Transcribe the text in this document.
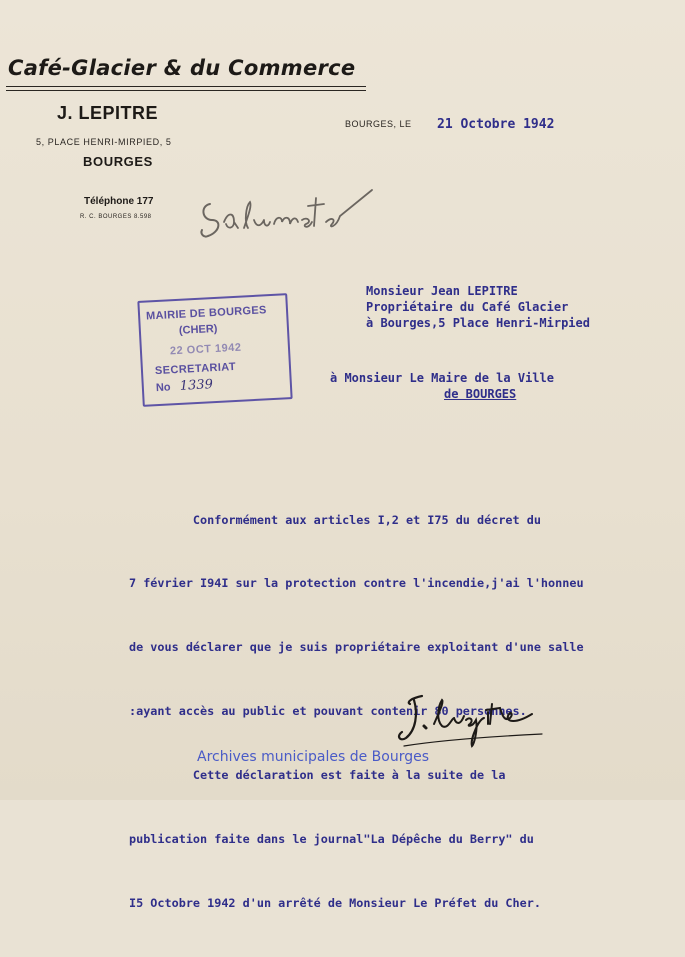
Café-Glacier & du Commerce
J. LEPITRE
5, PLACE HENRI-MIRPIED, 5
BOURGES
Téléphone 177
R. C. BOURGES 8.598
BOURGES, LE 21 Octobre 1942
MAIRIE DE BOURGES
(CHER)
22 OCT 1942
SECRETARIAT
No 1339
Monsieur Jean LEPITRE
Propriétaire du Café Glacier
à Bourges,5 Place Henri-Mirpied
à Monsieur Le Maire de la Ville
de BOURGES

Conformément aux articles I,2 et I75 du décret du

7 février I94I sur la protection contre l'incendie,j'ai l'honneu

de vous déclarer que je suis propriétaire exploitant d'une salle

:ayant accès au public et pouvant contenir 80 personnes.

Cette déclaration est faite à la suite de la

publication faite dans le journal"La Dépêche du Berry" du

I5 Octobre 1942 d'un arrêté de Monsieur Le Préfet du Cher.

Archives municipales de Bourges
